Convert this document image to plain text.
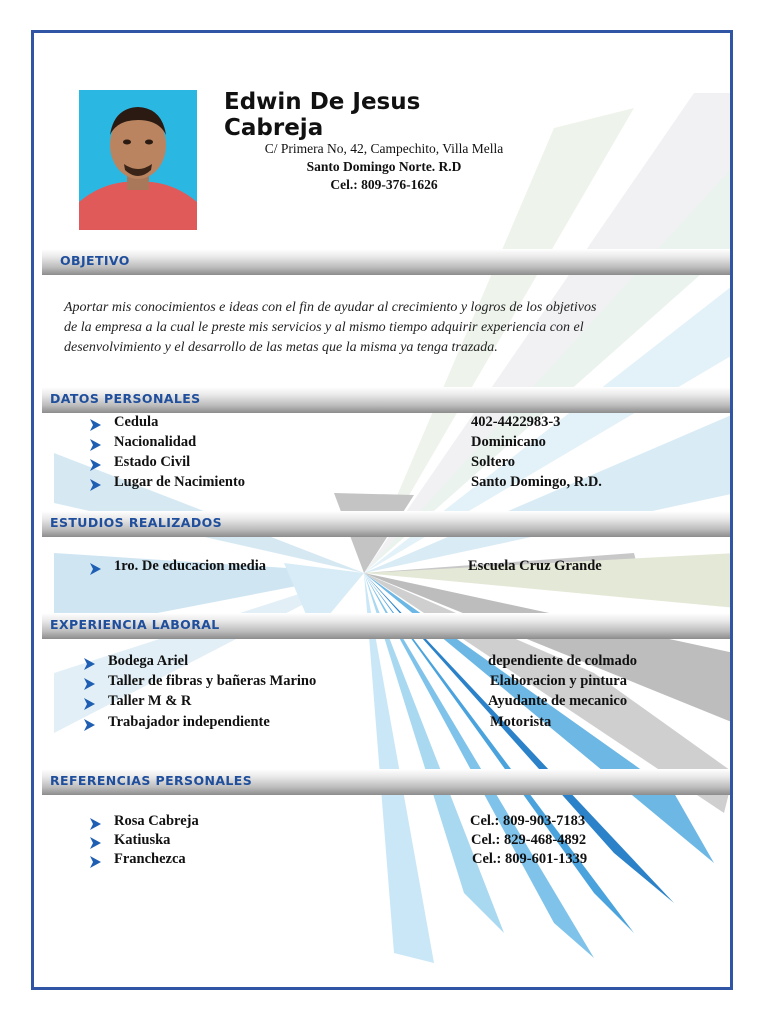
Edwin De Jesus Cabreja
C/ Primera No, 42, Campechito, Villa Mella
Santo Domingo Norte. R.D
Cel.: 809-376-1626
OBJETIVO
Aportar mis conocimientos e ideas con el fin de ayudar al crecimiento y logros de los objetivos
de la empresa a la cual le preste mis servicios y al mismo tiempo adquirir experiencia con el
desenvolvimiento y el desarrollo de las metas que la misma ya tenga trazada.
DATOS PERSONALES
Cedula	402-4422983-3
Nacionalidad	Dominicano
Estado Civil	Soltero
Lugar de Nacimiento	Santo Domingo, R.D.
ESTUDIOS REALIZADOS
1ro. De educacion media	Escuela Cruz Grande
EXPERIENCIA LABORAL
Bodega Ariel	dependiente de colmado
Taller de fibras y bañeras Marino	Elaboracion y pintura
Taller M & R	Ayudante de mecanico
Trabajador independiente	Motorista
REFERENCIAS PERSONALES
Rosa Cabreja	Cel.: 809-903-7183
Katiuska	Cel.: 829-468-4892
Franchezca	Cel.: 809-601-1339
